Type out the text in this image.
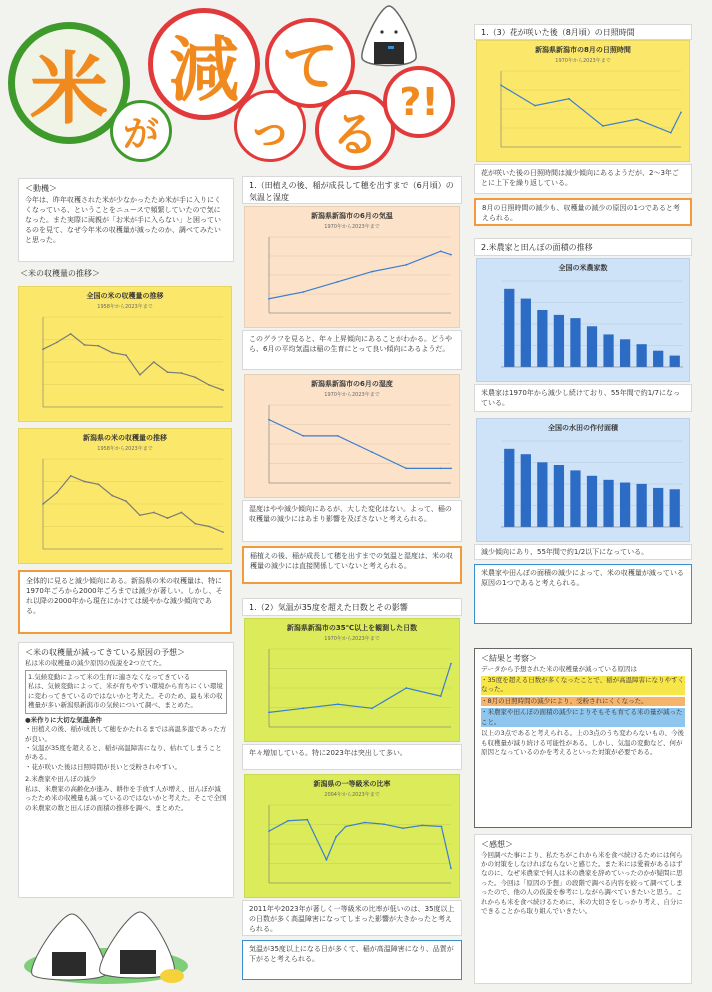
米 が
減
っ
て
る
?!
＜動機＞

今年は、昨年収穫された米が少なかったため米が手に入りにくくなっている、ということをニュースで頻繁していたので気になった。また実際に両親が「お米が手に入らない」と困っているのを見て、なぜ今年米の収穫量が減ったのか、調べてみたいと思った。

＜米の収穫量の推移＞
全国の米の収穫量の推移
1958年から2023年まで
新潟県の米の収穫量の推移
1958年から2023年まで

全体的に見ると減少傾向にある。新潟県の米の収穫量は、特に1970年ごろから2000年ごろまでは減少が著しい。しかし、それ以降の2000年から現在にかけては緩やかな減少傾向である。

＜米の収穫量が減ってきている原因の予想＞

私は米の収穫量の減少原因の仮説を2つ立てた。

1.気候変動によって米の生育に適さなくなってきている

私は、気候変動によって、米が育ちやすい環境から育ちにくい環境に変わってきているのではないかと考えた。そのため、最も米の収穫量が多い新潟県新潟市の気候について調べ、まとめた。

●米作りに大切な気温条件

・田植えの後、稲が成長して穂をかたれるまでは高温多湿であった方が良い。

・気温が35度を超えると、稲が高温障害になり、枯れてしまうことがある。

・花が咲いた後は日照時間が長いと受粉されやすい。

2.米農家や田んぼの減少

私は、米農家の高齢化が進み、耕作を手放す人が増え、田んぼが減ったため米の収穫量も減っているのではないかと考えた。そこで全国の米農家の数と田んぼの面積の推移を調べ、まとめた。

1.（田植えの後、稲が成長して穂を出すまで（6月頃）の気温と湿度

新潟県新潟市の6月の気温
1970年から2023年まで

このグラフを見ると、年々上昇傾向にあることがわかる。どうやら、6月の平均気温は稲の生育にとって良い傾向にあるようだ。

新潟県新潟市の6月の湿度
1970年から2023年まで

湿度はやや減少傾向にあるが、大した変化はない。よって、稲の収穫量の減少にはあまり影響を及ぼさないと考えられる。

稲植えの後、稲が成長して穂を出すまでの気温と湿度は、米の収穫量の減少には直接関係していないと考えられる。

1.（2）気温が35度を超えた日数とその影響

新潟県新潟市の35℃以上を観測した日数
1970年から2023年まで

年々増加している。特に2023年は突出して多い。

新潟県の一等級米の比率
2004年から2023年まで

2011年や2023年が著しく一等級米の比率が低いのは、35度以上の日数が多く高温障害になってしまった影響が大きかったと考えられる。

気温が35度以上になる日が多くて、稲が高温障害になり、品質が下がると考えられる。

1.（3）花が咲いた後（8月頃）の日照時間

新潟県新潟市の8月の日照時間
1970年から2023年まで

花が咲いた後の日照時間は減少傾向にあるようだが、2〜3年ごとに上下を繰り返している。

8月の日照時間の減少も、収穫量の減少の原因の1つであると考えられる。

2.米農家と田んぼの面積の推移

全国の米農家数

米農家は1970年から減少し続けており、55年間で約1/7になっている。

全国の水田の作付面積

減少傾向にあり、55年間で約1/2以下になっている。

米農家や田んぼの面積の減少によって、米の収穫量が減っている原因の1つであると考えられる。

＜結果と考察＞

データから予想された米の収穫量が減っている原因は

・35度を超える日数が多くなったことで、稲が高温障害になりやすくなった。

・8月の日照時間の減少により、受粉されにくくなった。

・米農家や田んぼの面積の減少によりそもそも育てる米の量が減ったこと。

以上の3点であると考えられる。上の3点のうち変わらないもの、今後も収穫量が減り続ける可能性がある。しかし、気温の変動など、何が原因となっているのかを考えるといった対策が必要である。

＜感想＞

今回調べた事により、私たちがこれから米を食べ続けるためには何らかの対策をしなければならないと感じた。また米には愛着があるはずなのに、なぜ米農家で何人は米の農家を辞めていったのかが疑問に思った。今回は「原因の予想」の段階で調べる内容を絞って調べてしまったので、他の人の仮説を参考にしながら調べていきたいと思う。これからも米を食べ続けるために、米の大切さをしっかり考え、自分にできることから取り組んでいきたい。
